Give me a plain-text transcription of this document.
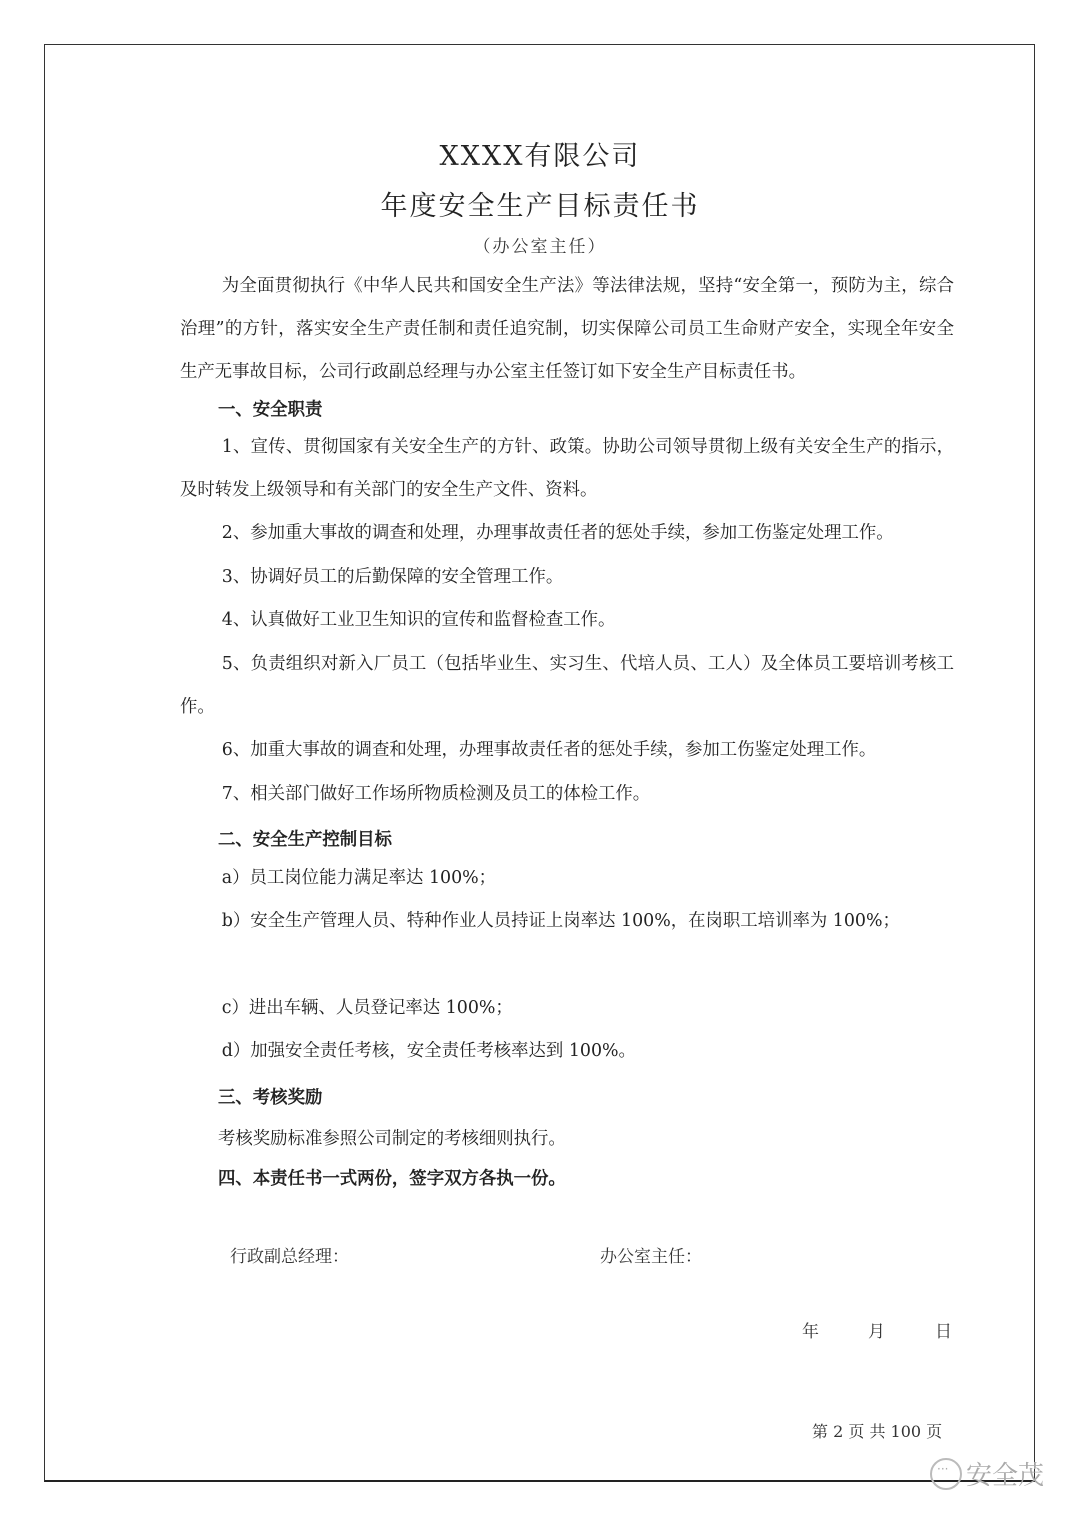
XXXX有限公司
年度安全生产目标责任书
（办公室主任）
为全面贯彻执行《中华人民共和国安全生产法》等法律法规，坚持“安全第一，预防为主，综合治理”的方针，落实安全生产责任制和责任追究制，切实保障公司员工生命财产安全，实现全年安全生产无事故目标，公司行政副总经理与办公室主任签订如下安全生产目标责任书。
一、安全职责
1、宣传、贯彻国家有关安全生产的方针、政策。协助公司领导贯彻上级有关安全生产的指示，及时转发上级领导和有关部门的安全生产文件、资料。
2、参加重大事故的调查和处理，办理事故责任者的惩处手续，参加工伤鉴定处理工作。
3、协调好员工的后勤保障的安全管理工作。
4、认真做好工业卫生知识的宣传和监督检查工作。
5、负责组织对新入厂员工（包括毕业生、实习生、代培人员、工人）及全体员工要培训考核工作。
6、加重大事故的调查和处理，办理事故责任者的惩处手续，参加工伤鉴定处理工作。
7、相关部门做好工作场所物质检测及员工的体检工作。
二、安全生产控制目标
a）员工岗位能力满足率达 100%；
b）安全生产管理人员、特种作业人员持证上岗率达 100%，在岗职工培训率为 100%；
c）进出车辆、人员登记率达 100%；
d）加强安全责任考核，安全责任考核率达到 100%。
三、考核奖励
考核奖励标准参照公司制定的考核细则执行。
四、本责任书一式两份，签字双方各执一份。
行政副总经理：	办公室主任：
年	月	日
第 2 页 共 100 页
···
安全茂
